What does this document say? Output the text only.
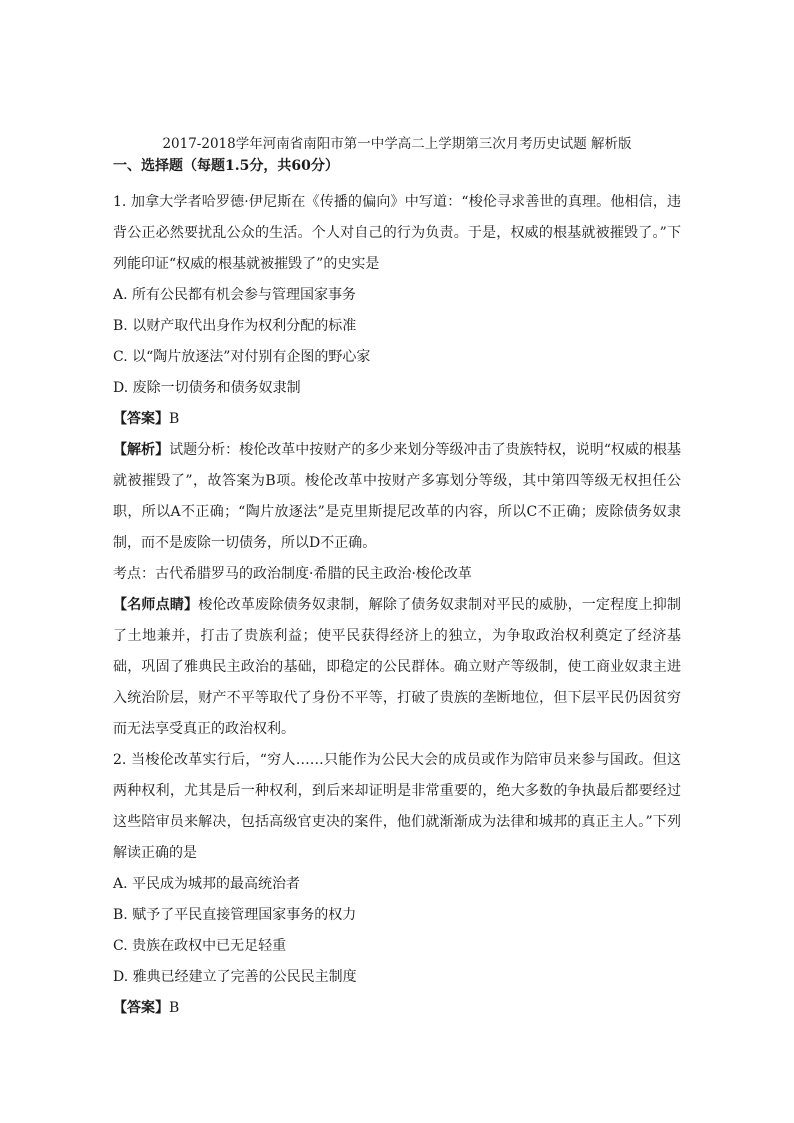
2017-2018学年河南省南阳市第一中学高二上学期第三次月考历史试题 解析版

一、选择题（每题1.5分，共60分）

1. 加拿大学者哈罗德·伊尼斯在《传播的偏向》中写道：“梭伦寻求善世的真理。他相信，违背公正必然要扰乱公众的生活。个人对自己的行为负责。于是，权威的根基就被摧毁了。”下列能印证“权威的根基就被摧毁了”的史实是

A. 所有公民都有机会参与管理国家事务

B. 以财产取代出身作为权利分配的标准

C. 以“陶片放逐法”对付别有企图的野心家

D. 废除一切债务和债务奴隶制

【答案】B

【解析】试题分析：梭伦改革中按财产的多少来划分等级冲击了贵族特权，说明“权威的根基就被摧毁了”，故答案为B项。梭伦改革中按财产多寡划分等级，其中第四等级无权担任公职，所以A不正确；“陶片放逐法”是克里斯提尼改革的内容，所以C不正确；废除债务奴隶制，而不是废除一切债务，所以D不正确。

考点：古代希腊罗马的政治制度·希腊的民主政治·梭伦改革

【名师点睛】梭伦改革废除债务奴隶制，解除了债务奴隶制对平民的威胁，一定程度上抑制了土地兼并，打击了贵族利益；使平民获得经济上的独立，为争取政治权利奠定了经济基础，巩固了雅典民主政治的基础，即稳定的公民群体。确立财产等级制，使工商业奴隶主进入统治阶层，财产不平等取代了身份不平等，打破了贵族的垄断地位，但下层平民仍因贫穷而无法享受真正的政治权利。

2. 当梭伦改革实行后，“穷人……只能作为公民大会的成员或作为陪审员来参与国政。但这两种权利，尤其是后一种权利，到后来却证明是非常重要的，绝大多数的争执最后都要经过这些陪审员来解决，包括高级官吏决的案件，他们就渐渐成为法律和城邦的真正主人。”下列解读正确的是

A. 平民成为城邦的最高统治者

B. 赋予了平民直接管理国家事务的权力

C. 贵族在政权中已无足轻重

D. 雅典已经建立了完善的公民民主制度

【答案】B
